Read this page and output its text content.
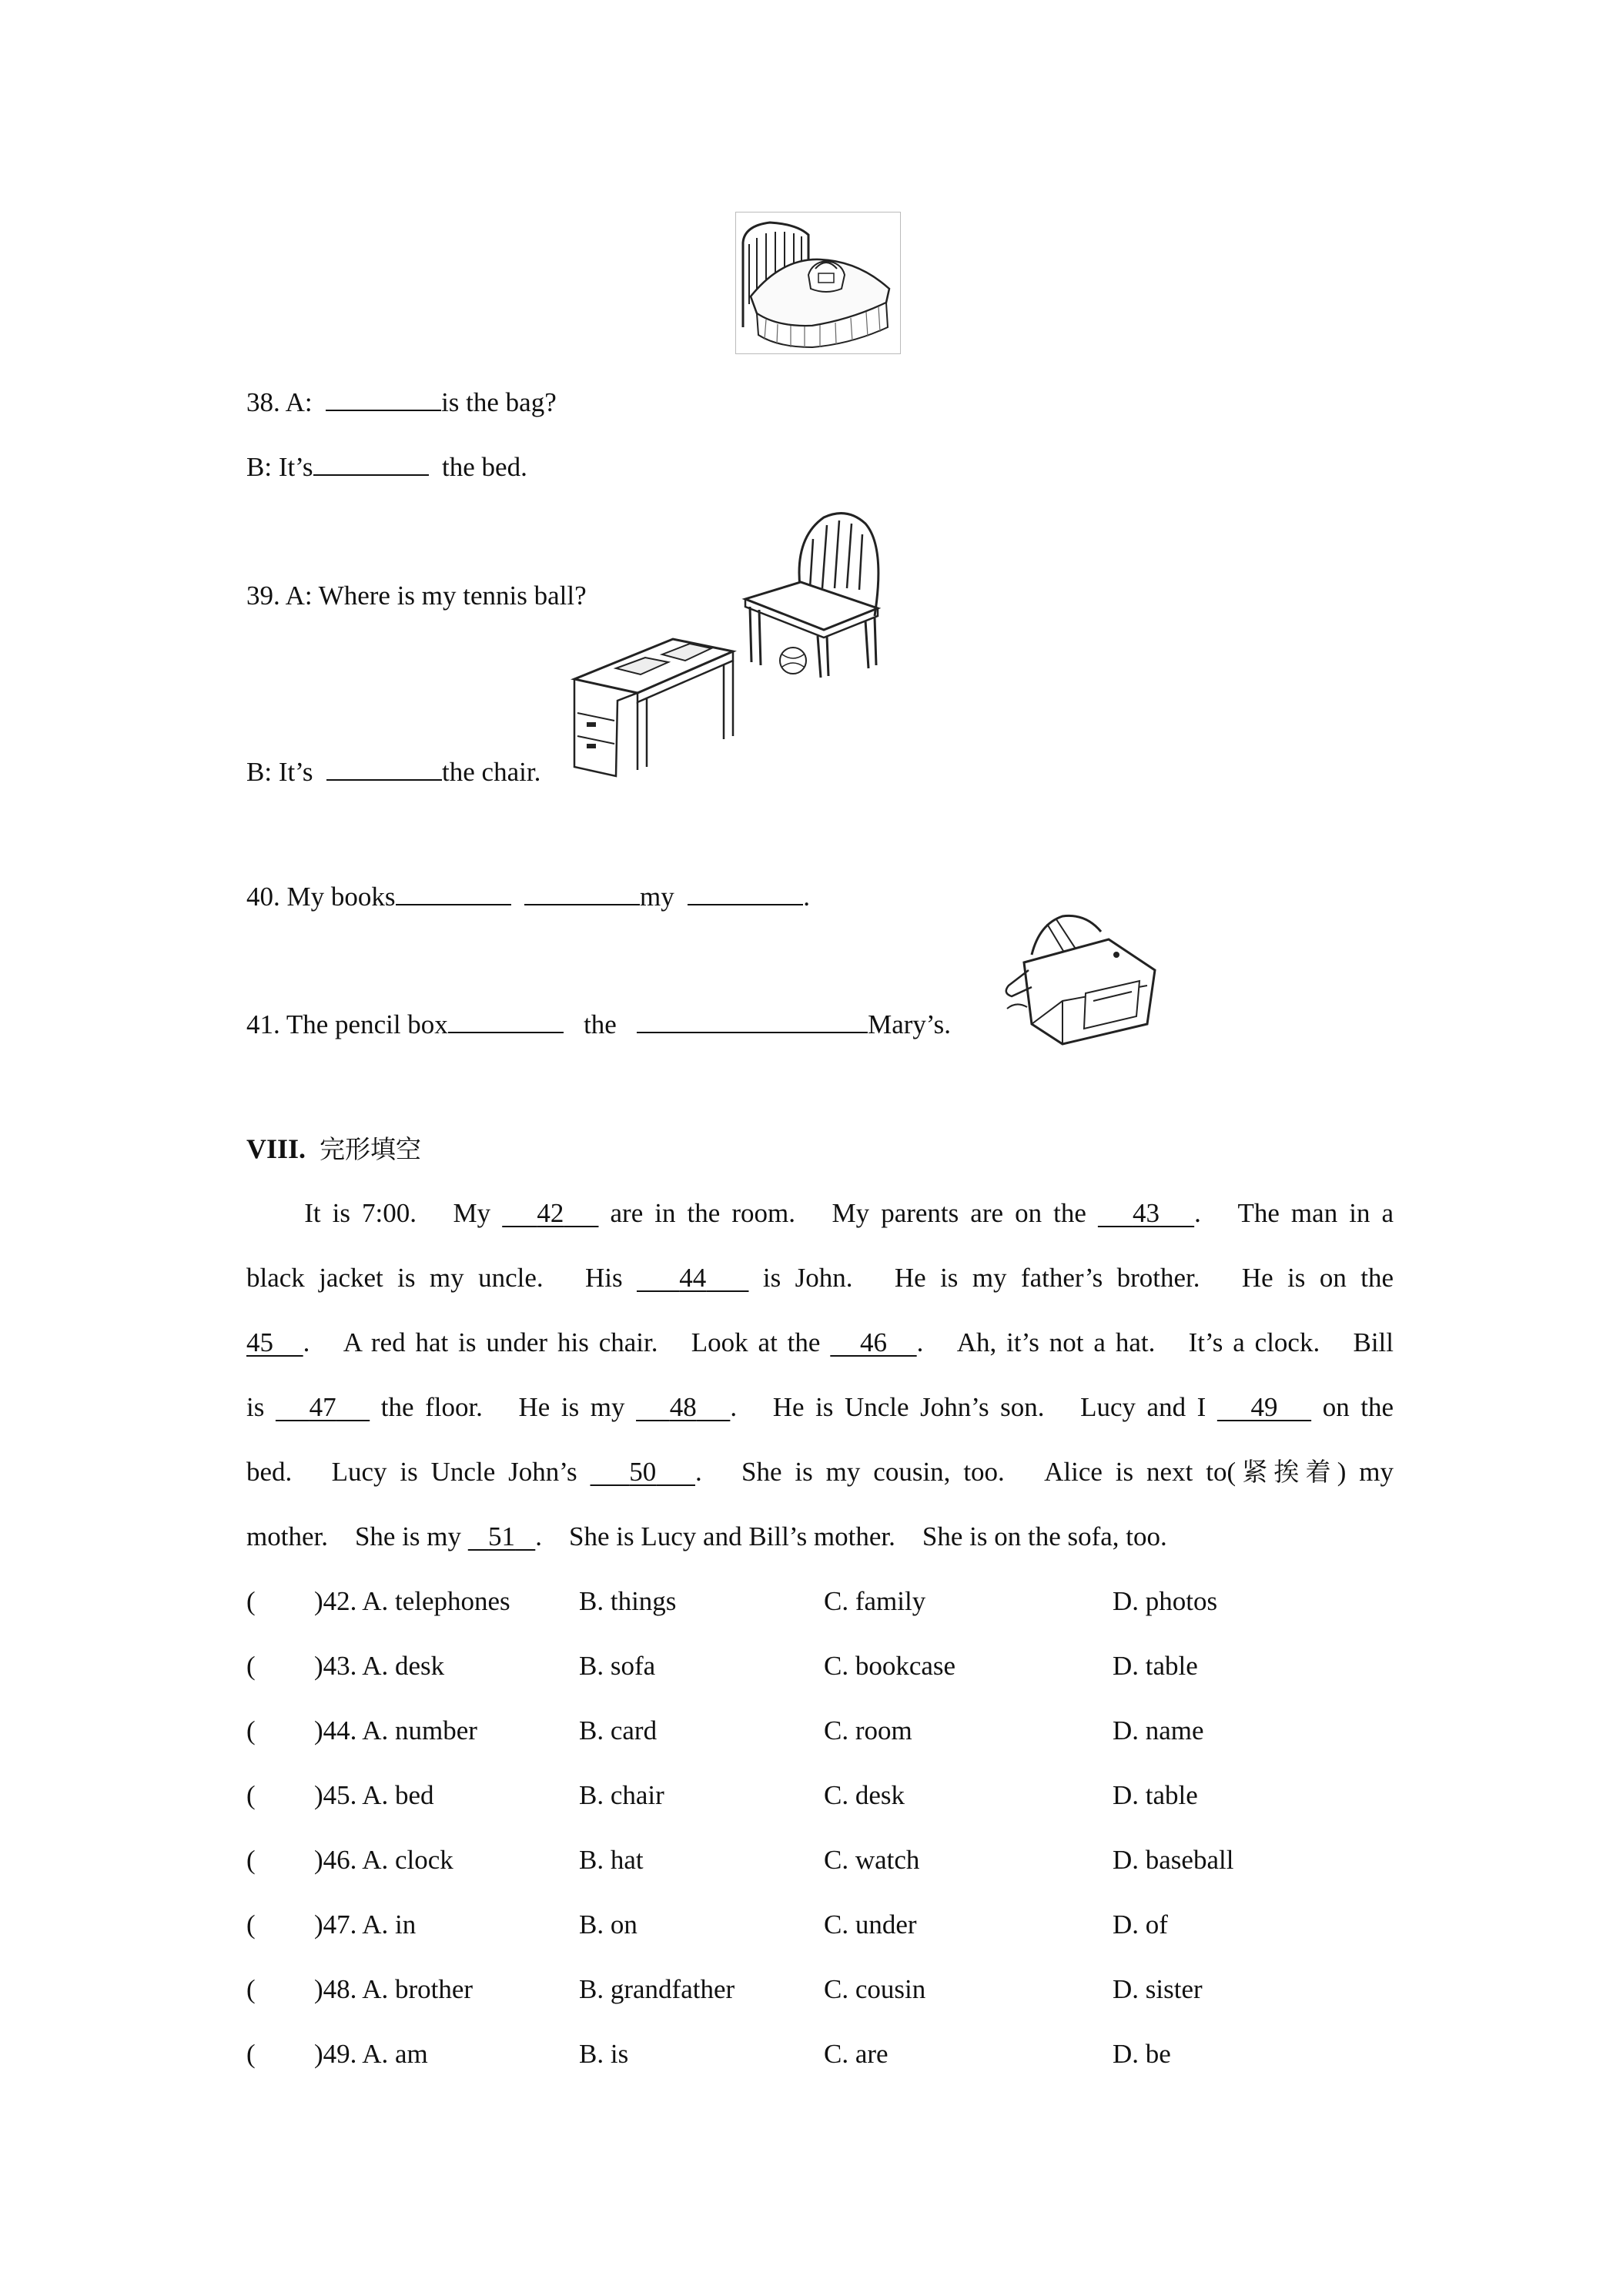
38. A:	is the bag?
B: It’s	the bed.
39. A: Where is my tennis ball?
B: It’s	the chair.
40. My books	my	.
41. The pencil box	the	Mary’s.
VIII. 完形填空
It is 7:00.　My    42    are in the room.　My parents are on the    43 .　The man in a
black jacket is my uncle.　His    44    is John.　He is my father’s brother.　He is on the
45 .　A red hat is under his chair.　Look at the    46 .　Ah, it’s not a hat.　It’s a clock.　Bill
is    47    the floor.　He is my    48 .　He is Uncle John’s son.　Lucy and I    49    on the
bed.　Lucy is Uncle John’s    50 .　She is my cousin, too.　Alice is next to(紧挨着) my
mother.　She is my    51 .　She is Lucy and Bill’s mother.　She is on the sofa, too.
( )42. A. telephones	B. things	C. family	D. photos
( )43. A. desk	B. sofa	C. bookcase	D. table
( )44. A. number	B. card	C. room	D. name
( )45. A. bed	B. chair	C. desk	D. table
( )46. A. clock	B. hat	C. watch	D. baseball
( )47. A. in	B. on	C. under	D. of
( )48. A. brother	B. grandfather	C. cousin	D. sister
( )49. A. am	B. is	C. are	D. be
